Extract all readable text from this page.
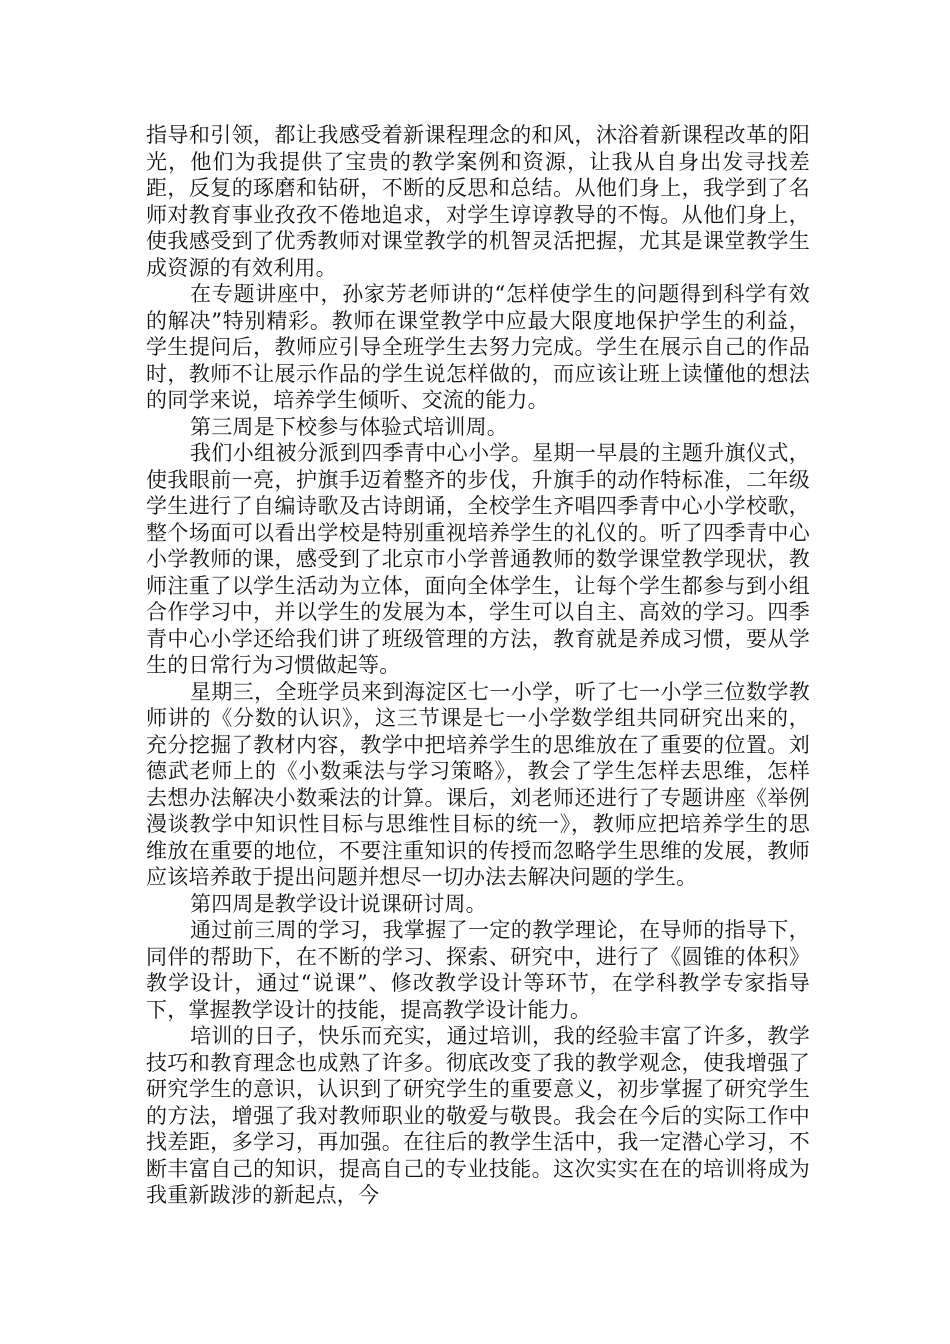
指导和引领，都让我感受着新课程理念的和风，沐浴着新课程改革的阳光，他们为我提供了宝贵的教学案例和资源，让我从自身出发寻找差距，反复的琢磨和钻研，不断的反思和总结。从他们身上，我学到了名师对教育事业孜孜不倦地追求，对学生谆谆教导的不悔。从他们身上，使我感受到了优秀教师对课堂教学的机智灵活把握，尤其是课堂教学生成资源的有效利用。

在专题讲座中，孙家芳老师讲的“怎样使学生的问题得到科学有效的解决”特别精彩。教师在课堂教学中应最大限度地保护学生的利益，学生提问后，教师应引导全班学生去努力完成。学生在展示自己的作品时，教师不让展示作品的学生说怎样做的，而应该让班上读懂他的想法的同学来说，培养学生倾听、交流的能力。

第三周是下校参与体验式培训周。

我们小组被分派到四季青中心小学。星期一早晨的主题升旗仪式，使我眼前一亮，护旗手迈着整齐的步伐，升旗手的动作特标准，二年级学生进行了自编诗歌及古诗朗诵，全校学生齐唱四季青中心小学校歌，整个场面可以看出学校是特别重视培养学生的礼仪的。听了四季青中心小学教师的课，感受到了北京市小学普通教师的数学课堂教学现状，教师注重了以学生活动为立体，面向全体学生，让每个学生都参与到小组合作学习中，并以学生的发展为本，学生可以自主、高效的学习。四季青中心小学还给我们讲了班级管理的方法，教育就是养成习惯，要从学生的日常行为习惯做起等。

星期三，全班学员来到海淀区七一小学，听了七一小学三位数学教师讲的《分数的认识》，这三节课是七一小学数学组共同研究出来的，充分挖掘了教材内容，教学中把培养学生的思维放在了重要的位置。刘德武老师上的《小数乘法与学习策略》，教会了学生怎样去思维，怎样去想办法解决小数乘法的计算。课后，刘老师还进行了专题讲座《举例漫谈教学中知识性目标与思维性目标的统一》，教师应把培养学生的思维放在重要的地位，不要注重知识的传授而忽略学生思维的发展，教师应该培养敢于提出问题并想尽一切办法去解决问题的学生。

第四周是教学设计说课研讨周。

通过前三周的学习，我掌握了一定的教学理论，在导师的指导下，同伴的帮助下，在不断的学习、探索、研究中，进行了《圆锥的体积》教学设计，通过“说课”、修改教学设计等环节，在学科教学专家指导下，掌握教学设计的技能，提高教学设计能力。

培训的日子，快乐而充实，通过培训，我的经验丰富了许多，教学技巧和教育理念也成熟了许多。彻底改变了我的教学观念，使我增强了研究学生的意识，认识到了研究学生的重要意义，初步掌握了研究学生的方法，增强了我对教师职业的敬爱与敬畏。我会在今后的实际工作中找差距，多学习，再加强。在往后的教学生活中，我一定潜心学习，不断丰富自己的知识，提高自己的专业技能。这次实实在在的培训将成为我重新跋涉的新起点，今
